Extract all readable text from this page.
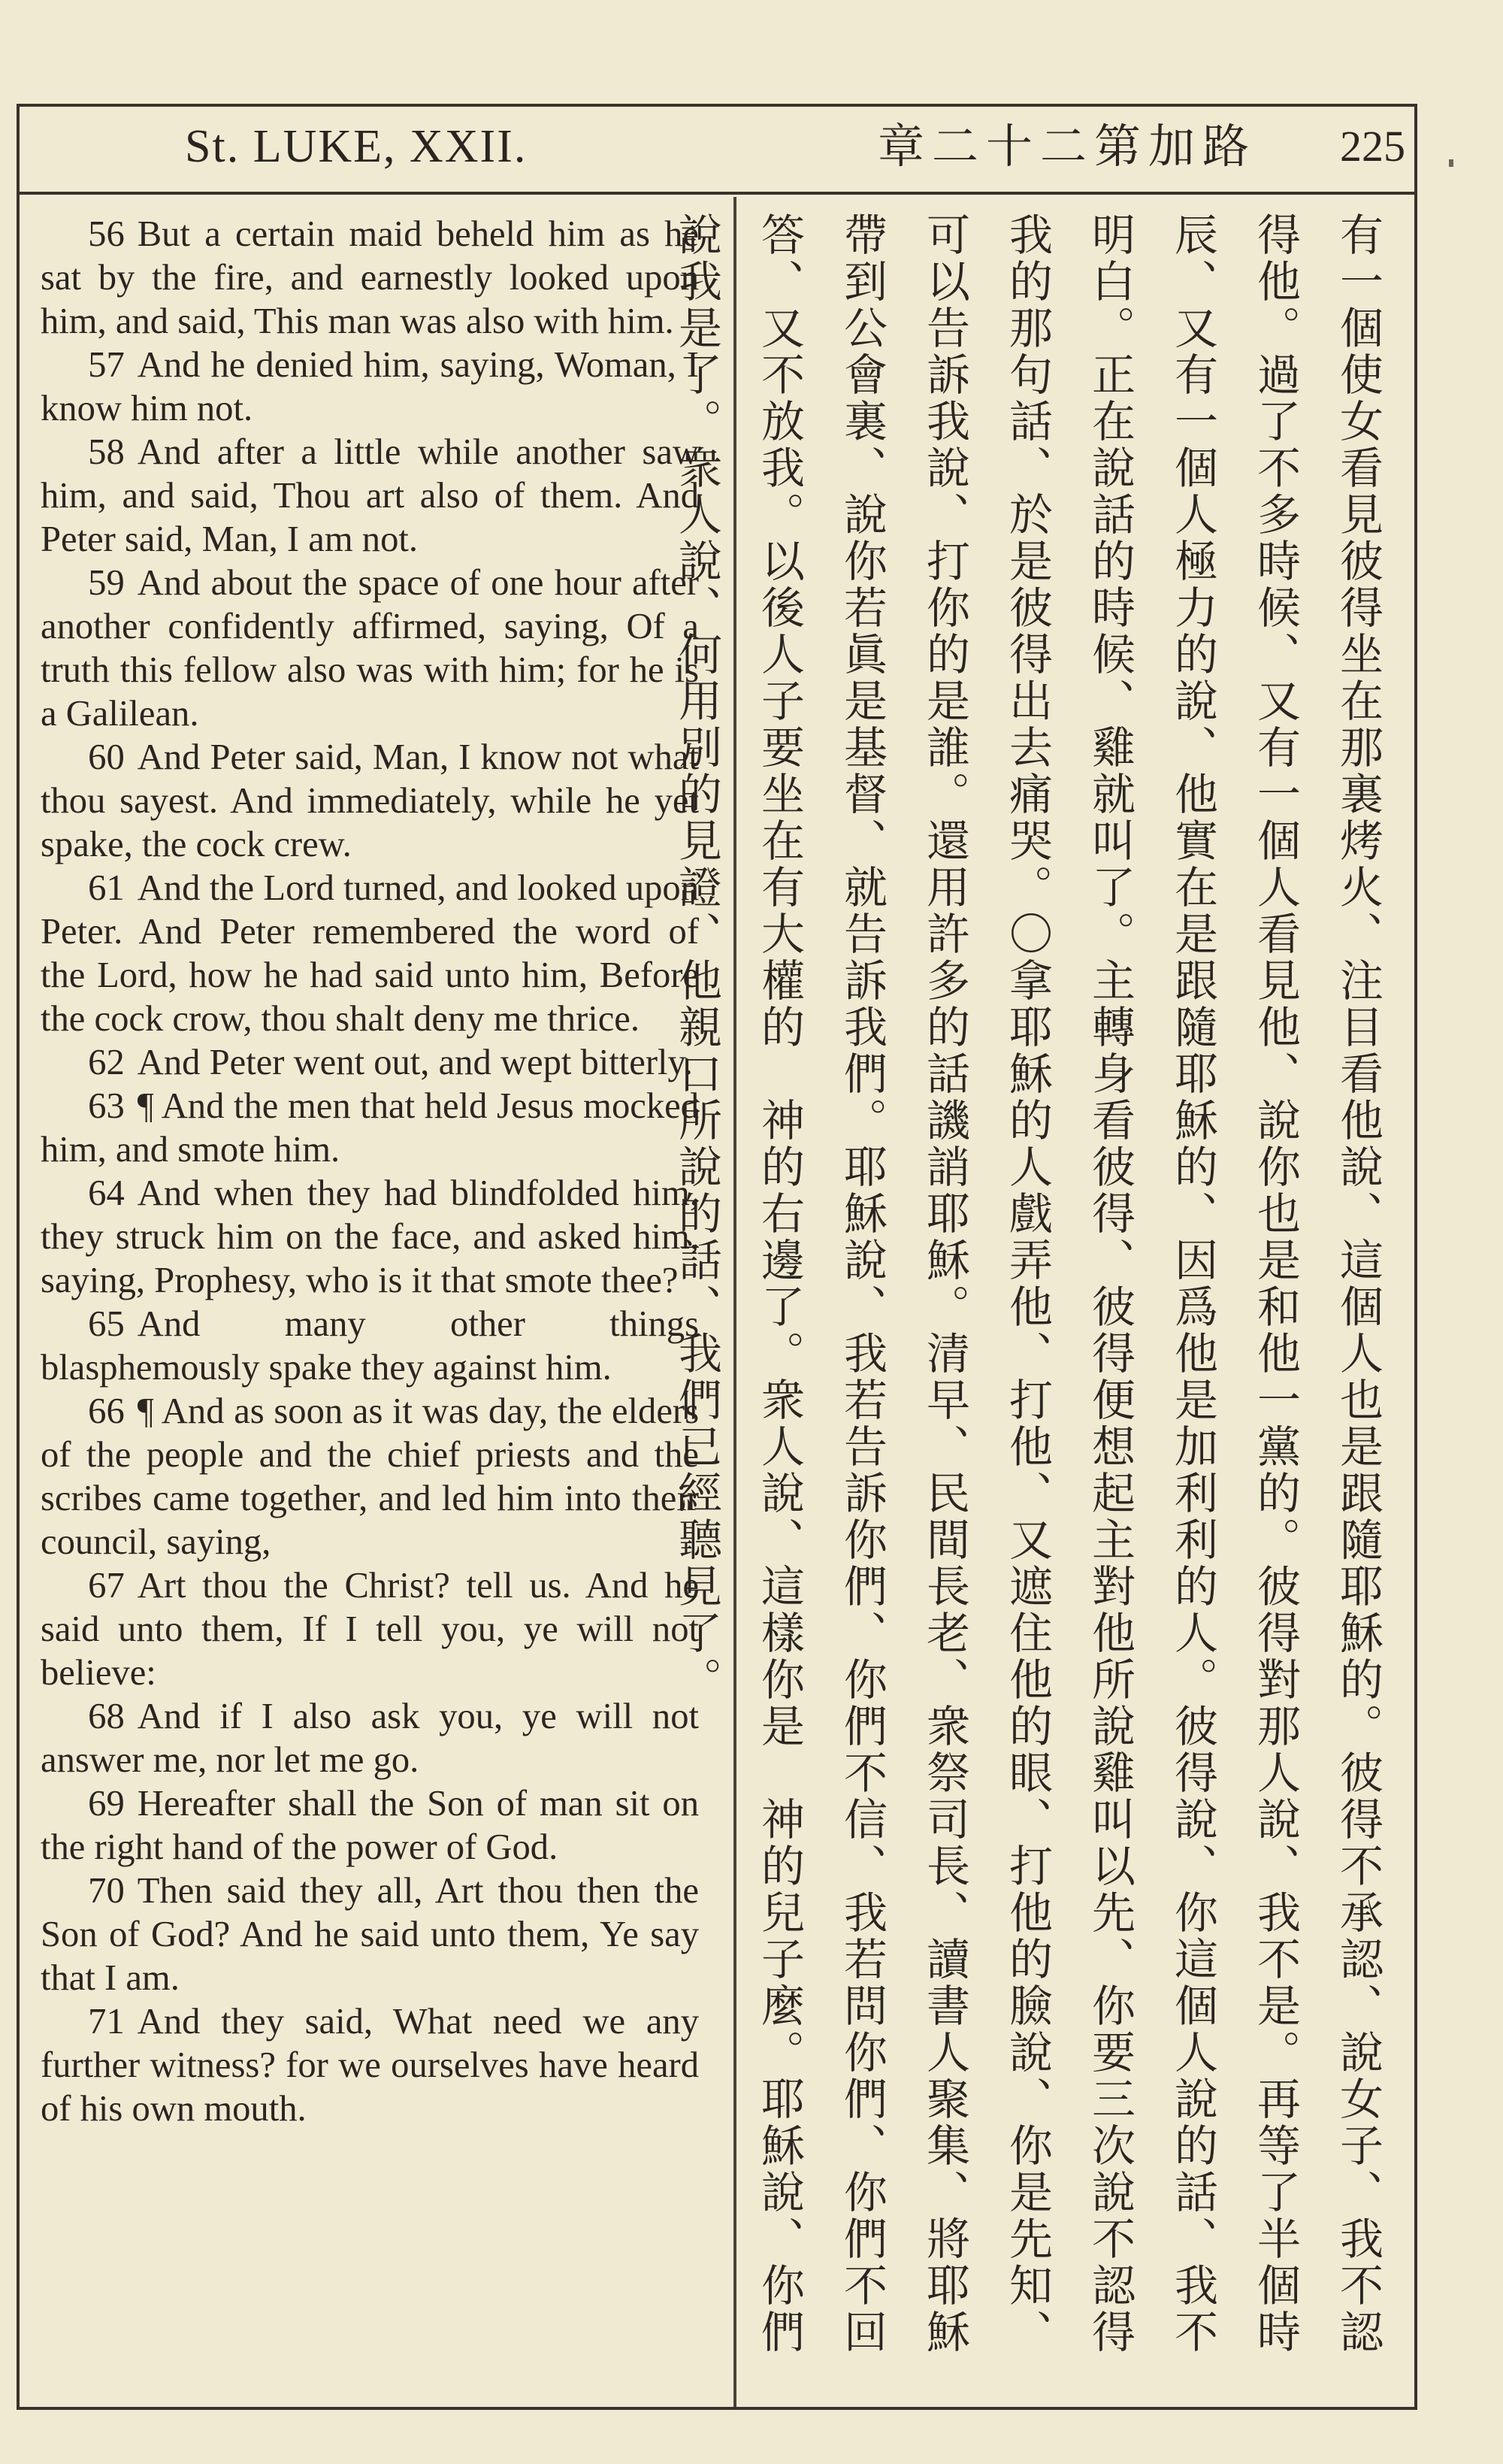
St. LUKE, XXII.	路加第二十二章	225

56 But a certain maid beheld him as he sat by the fire, and earnestly looked upon him, and said, This man was also with him.

57 And he denied him, saying, Woman, I know him not.

58 And after a little while another saw him, and said, Thou art also of them. And Peter said, Man, I am not.

59 And about the space of one hour after another confidently affirmed, saying, Of a truth this fellow also was with him; for he is a Galilean.

60 And Peter said, Man, I know not what thou sayest. And immediately, while he yet spake, the cock crew.

61 And the Lord turned, and looked upon Peter. And Peter remembered the word of the Lord, how he had said unto him, Before the cock crow, thou shalt deny me thrice.

62 And Peter went out, and wept bitterly.

63 ¶ And the men that held Jesus mocked him, and smote him.

64 And when they had blindfolded him, they struck him on the face, and asked him, saying, Prophesy, who is it that smote thee?

65 And many other things blasphemously spake they against him.

66 ¶ And as soon as it was day, the elders of the people and the chief priests and the scribes came together, and led him into their council, saying,

67 Art thou the Christ? tell us. And he said unto them, If I tell you, ye will not believe:

68 And if I also ask you, ye will not answer me, nor let me go.

69 Hereafter shall the Son of man sit on the right hand of the power of God.

70 Then said they all, Art thou then the Son of God? And he said unto them, Ye say that I am.

71 And they said, What need we any further witness? for we ourselves have heard of his own mouth.	有一個使女看見彼得坐在那裏烤火、注目看他說、這個人也是跟隨耶穌的。彼得不承認、說女子、我不認得他。過了不多時候、又有一個人看見他、說你也是和他一黨的。彼得對那人說、我不是。再等了半個時辰、又有一個人極力的說、他實在是跟隨耶穌的、因爲他是加利利的人。彼得說、你這個人說的話、我不明白。正在說話的時候、雞就叫了。主轉身看彼得、彼得便想起主對他所說雞叫以先、你要三次說不認得我的那句話、於是彼得出去痛哭。〇拿耶穌的人戲弄他、打他、又遮住他的眼、打他的臉說、你是先知、可以告訴我說、打你的是誰。還用許多的話譏誚耶穌。清早、民間長老、衆祭司長、讀書人聚集、將耶穌帶到公會裏、說你若眞是基督、就告訴我們。耶穌說、我若告訴你們、你們不信、我若問你們、你們不回答、又不放我。以後人子要坐在有大權的　神的右邊了。衆人說、這樣你是　神的兒子麼。耶穌說、你們說我是了。衆人說、何用別的見證、他親口所說的話、我們已經聽見了。
